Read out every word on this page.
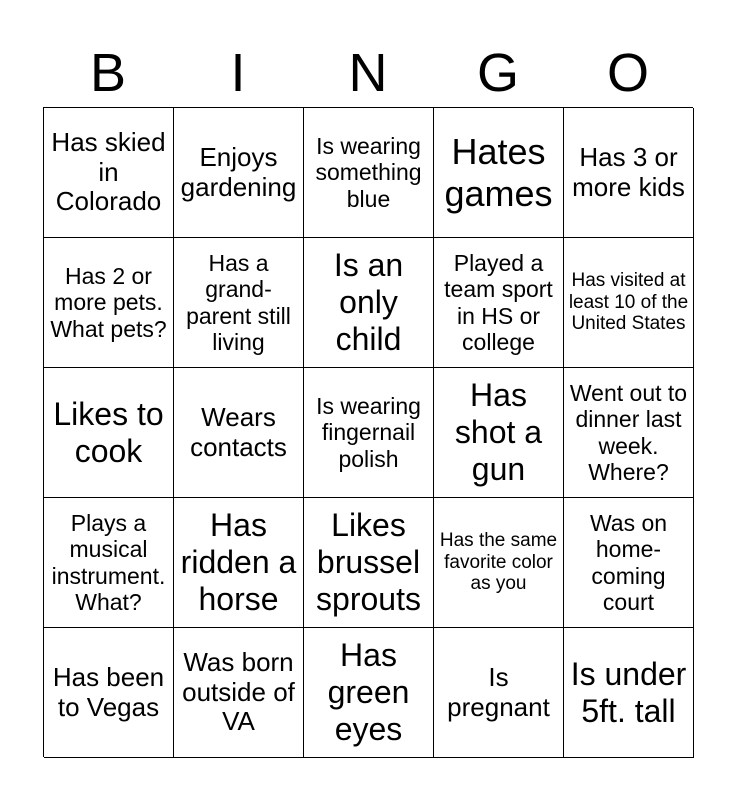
B	I	N	G	O
Has skied in Colorado
Enjoys gardening
Is wearing something blue
Hates games
Has 3 or more kids
Has 2 or more pets. What pets?
Has a grand-parent still living
Is an only child
Played a team sport in HS or college
Has visited at least 10 of the United States
Likes to cook
Wears contacts
Is wearing fingernail polish
Has shot a gun
Went out to dinner last week. Where?
Plays a musical instrument. What?
Has ridden a horse
Likes brussel sprouts
Has the same favorite color as you
Was on home-coming court
Has been to Vegas
Was born outside of VA
Has green eyes
Is pregnant
Is under 5ft. tall
